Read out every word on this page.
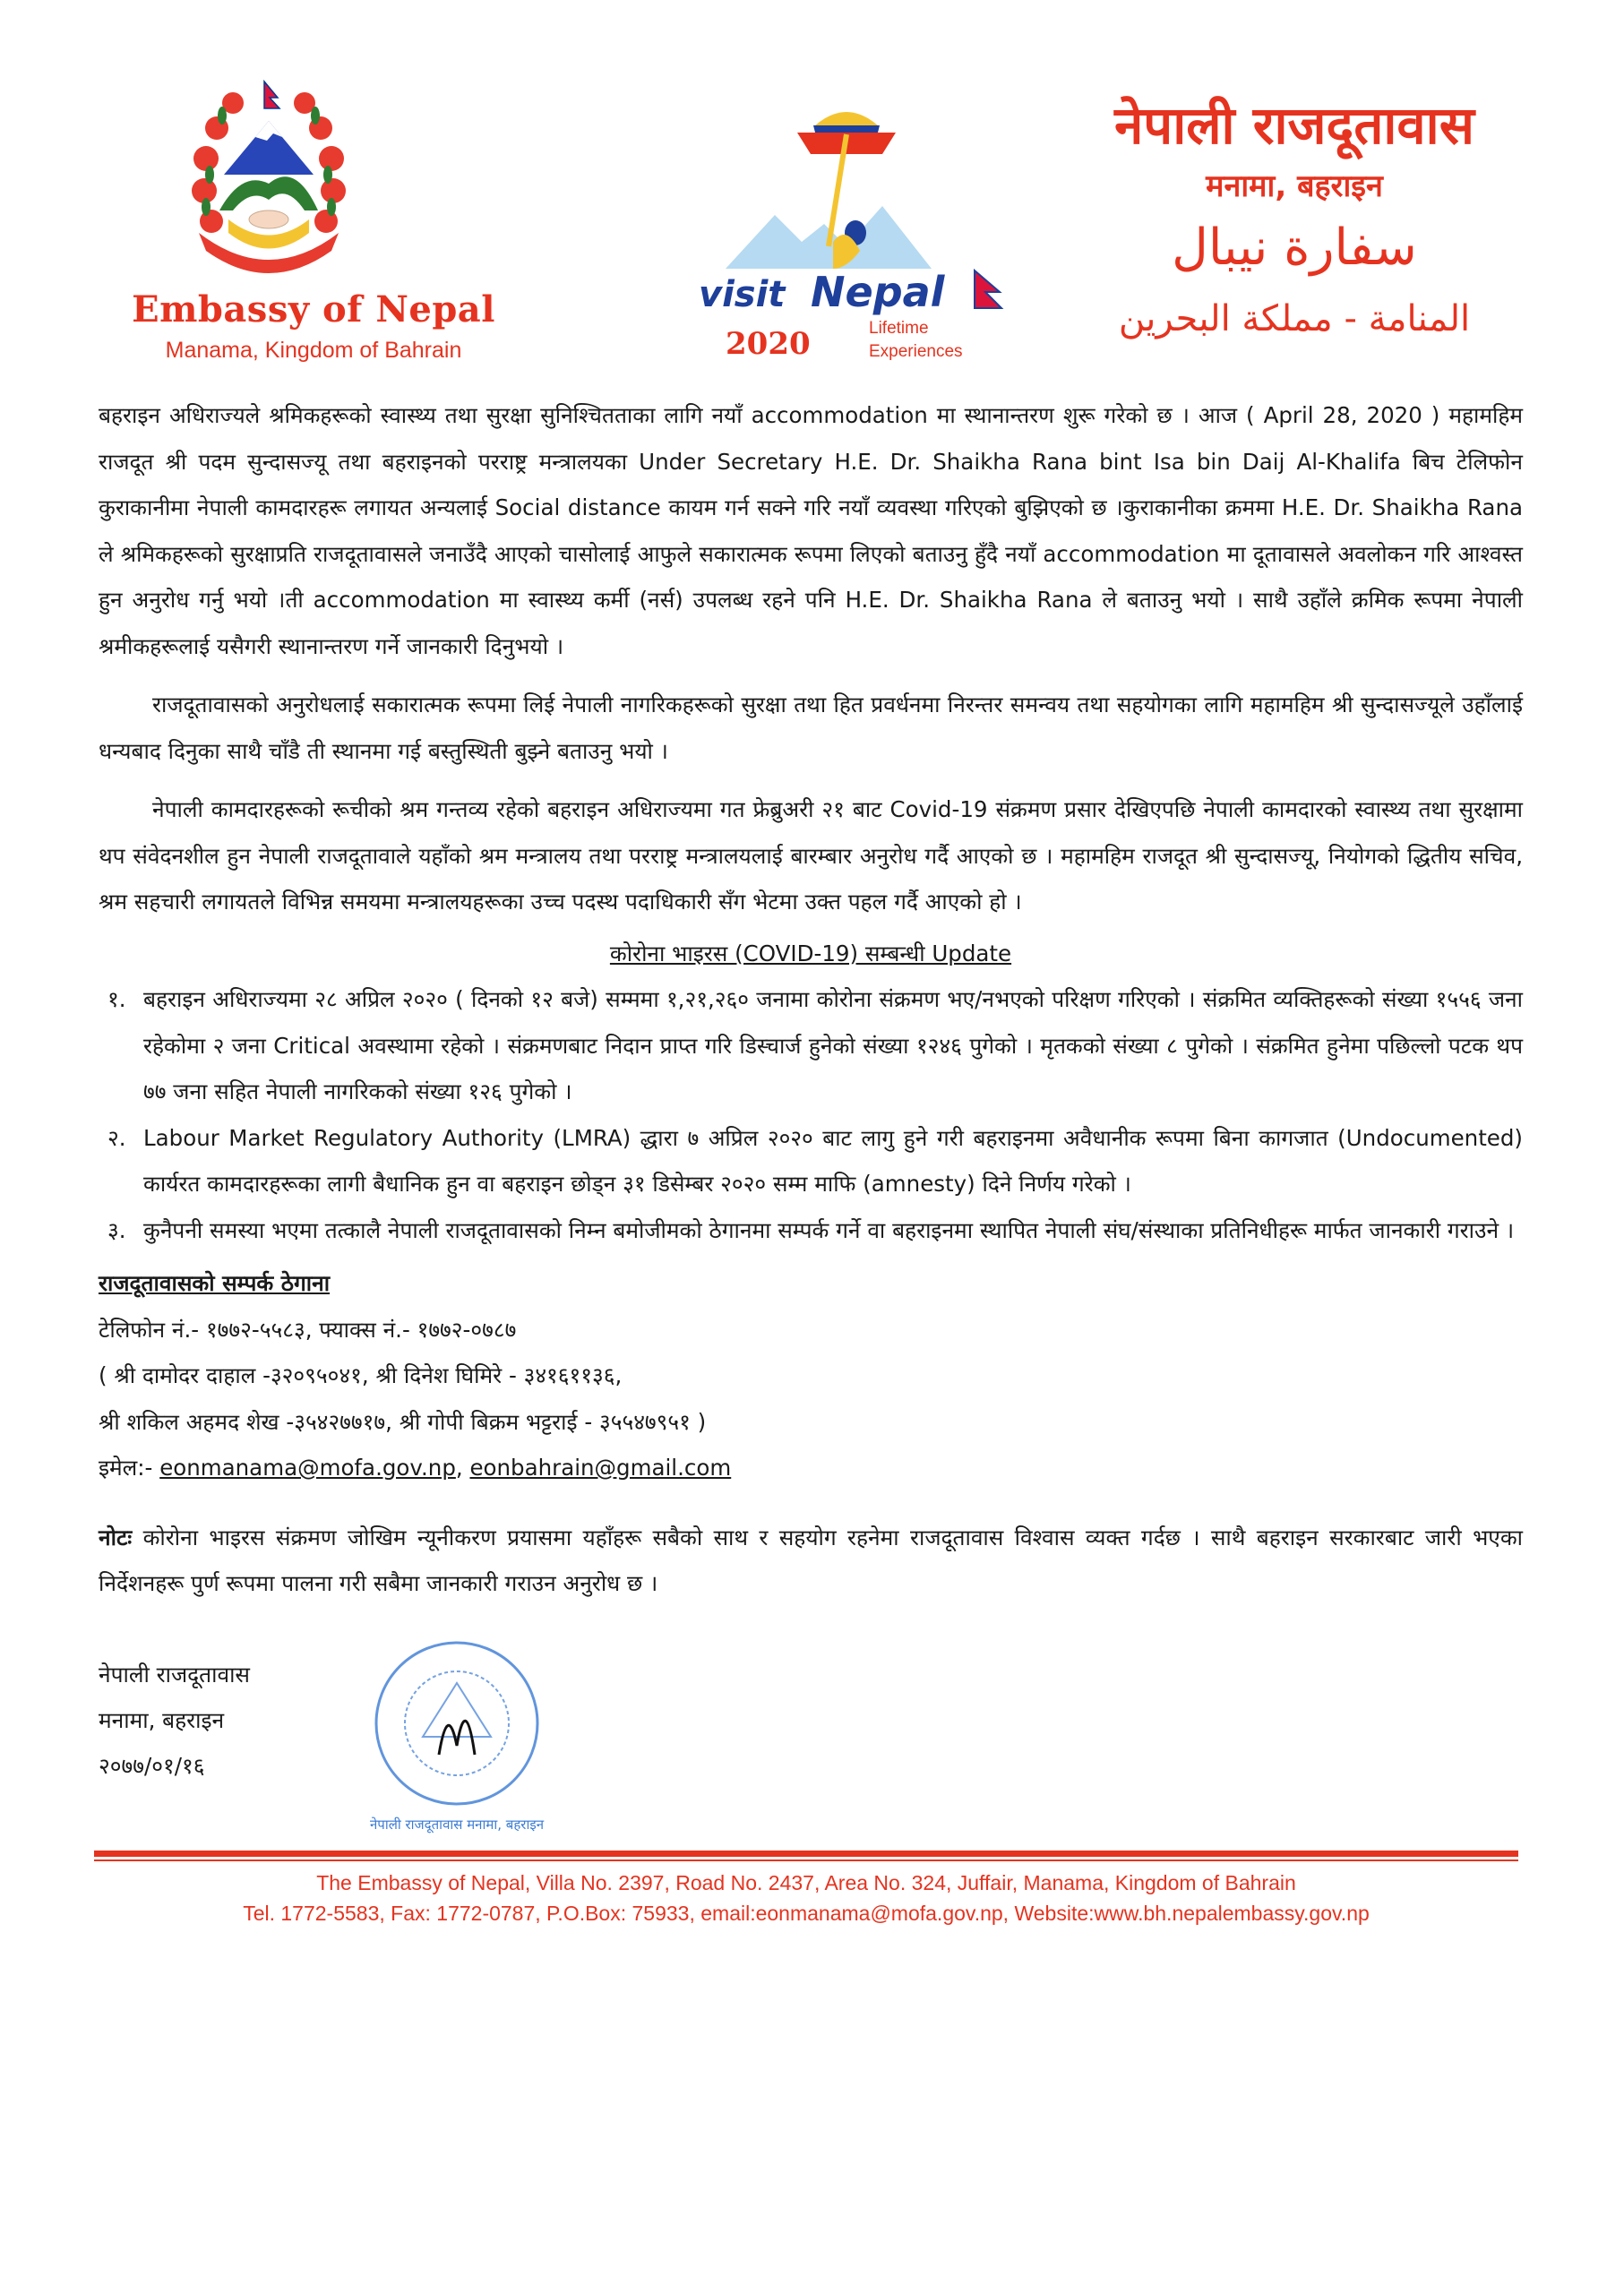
Embassy of Nepal
Manama, Kingdom of Bahrain
visit Nepal
2020	Lifetime
Experiences
नेपाली राजदूतावास
मनामा, बहराइन
سفارة نيبال
المنامة - مملكة البحرين

बहराइन अधिराज्यले श्रमिकहरूको स्वास्थ्य तथा सुरक्षा सुनिश्चितताका लागि नयाँ accommodation मा स्थानान्तरण शुरू गरेको छ । आज ( April 28, 2020 ) महामहिम राजदूत श्री पदम सुन्दासज्यू तथा बहराइनको परराष्ट्र मन्त्रालयका Under Secretary H.E. Dr. Shaikha Rana bint Isa bin Daij Al-Khalifa बिच टेलिफोन कुराकानीमा नेपाली कामदारहरू लगायत अन्यलाई Social distance कायम गर्न सक्ने गरि नयाँ व्यवस्था गरिएको बुझिएको छ ।कुराकानीका क्रममा H.E. Dr. Shaikha Rana ले श्रमिकहरूको सुरक्षाप्रति राजदूतावासले जनाउँदै आएको चासोलाई आफुले सकारात्मक रूपमा लिएको बताउनु हुँदै नयाँ accommodation मा दूतावासले अवलोकन गरि आश्वस्त हुन अनुरोध गर्नु भयो ।ती accommodation मा स्वास्थ्य कर्मी (नर्स) उपलब्ध रहने पनि H.E. Dr. Shaikha Rana ले बताउनु भयो । साथै उहाँले क्रमिक रूपमा नेपाली श्रमीकहरूलाई यसैगरी स्थानान्तरण गर्ने जानकारी दिनुभयो ।

राजदूतावासको अनुरोधलाई सकारात्मक रूपमा लिई नेपाली नागरिकहरूको सुरक्षा तथा हित प्रवर्धनमा निरन्तर समन्वय तथा सहयोगका लागि महामहिम श्री सुन्दासज्यूले उहाँलाई धन्यबाद दिनुका साथै चाँडै ती स्थानमा गई बस्तुस्थिती बुझ्ने बताउनु भयो ।

नेपाली कामदारहरूको रूचीको श्रम गन्तव्य रहेको बहराइन अधिराज्यमा गत फ्रेब्रुअरी २१ बाट Covid-19 संक्रमण प्रसार देखिएपछि नेपाली कामदारको स्वास्थ्य तथा सुरक्षामा थप संवेदनशील हुन नेपाली राजदूतावाले यहाँको श्रम मन्त्रालय तथा परराष्ट्र मन्त्रालयलाई बारम्बार अनुरोध गर्दै आएको छ । महामहिम राजदूत श्री सुन्दासज्यू, नियोगको द्धितीय सचिव, श्रम सहचारी लगायतले विभिन्न समयमा मन्त्रालयहरूका उच्च पदस्थ पदाधिकारी सँग भेटमा उक्त पहल गर्दै आएको हो ।

कोरोना भाइरस (COVID-19) सम्बन्धी Update

१. बहराइन अधिराज्यमा २८ अप्रिल २०२० ( दिनको १२ बजे) सम्ममा १,२१,२६० जनामा कोरोना संक्रमण भए/नभएको परिक्षण गरिएको । संक्रमित व्यक्तिहरूको संख्या १५५६ जना रहेकोमा २ जना Critical अवस्थामा रहेको । संक्रमणबाट निदान प्राप्त गरि डिस्चार्ज हुनेको संख्या १२४६ पुगेको । मृतकको संख्या ८ पुगेको । संक्रमित हुनेमा पछिल्लो पटक थप ७७ जना सहित नेपाली नागरिकको संख्या १२६ पुगेको ।
२. Labour Market Regulatory Authority (LMRA) द्धारा ७ अप्रिल २०२० बाट लागु हुने गरी बहराइनमा अवैधानीक रूपमा बिना कागजात (Undocumented) कार्यरत कामदारहरूका लागी बैधानिक हुन वा बहराइन छोड्न ३१ डिसेम्बर २०२० सम्म माफि (amnesty) दिने निर्णय गरेको ।
३. कुनैपनी समस्या भएमा तत्कालै नेपाली राजदूतावासको निम्न बमोजीमको ठेगानमा सम्पर्क गर्ने वा बहराइनमा स्थापित नेपाली संघ/संस्थाका प्रतिनिधीहरू मार्फत जानकारी गराउने ।
राजदूतावासको सम्पर्क ठेगाना

टेलिफोन नं.- १७७२-५५८३, फ्याक्स नं.- १७७२-०७८७

( श्री दामोदर दाहाल -३२०९५०४१, श्री दिनेश घिमिरे - ३४१६११३६,

श्री शकिल अहमद शेख -३५४२७७१७, श्री गोपी बिक्रम भट्टराई - ३५५४७९५१ )

इमेल:- eonmanama@mofa.gov.np, eonbahrain@gmail.com

नोटः कोरोना भाइरस संक्रमण जोखिम न्यूनीकरण प्रयासमा यहाँहरू सबैको साथ र सहयोग रहनेमा राजदूतावास विश्वास व्यक्त गर्दछ । साथै बहराइन सरकारबाट जारी भएका निर्देशनहरू पुर्ण रूपमा पालना गरी सबैमा जानकारी गराउन अनुरोध छ ।

नेपाली राजदूतावास
मनामा, बहराइन
२०७७/०१/१६
नेपाली राजदूतावास मनामा, बहराइन
The Embassy of Nepal, Villa No. 2397, Road No. 2437, Area No. 324, Juffair, Manama, Kingdom of Bahrain
Tel. 1772-5583, Fax: 1772-0787, P.O.Box: 75933, email:eonmanama@mofa.gov.np, Website:www.bh.nepalembassy.gov.np
